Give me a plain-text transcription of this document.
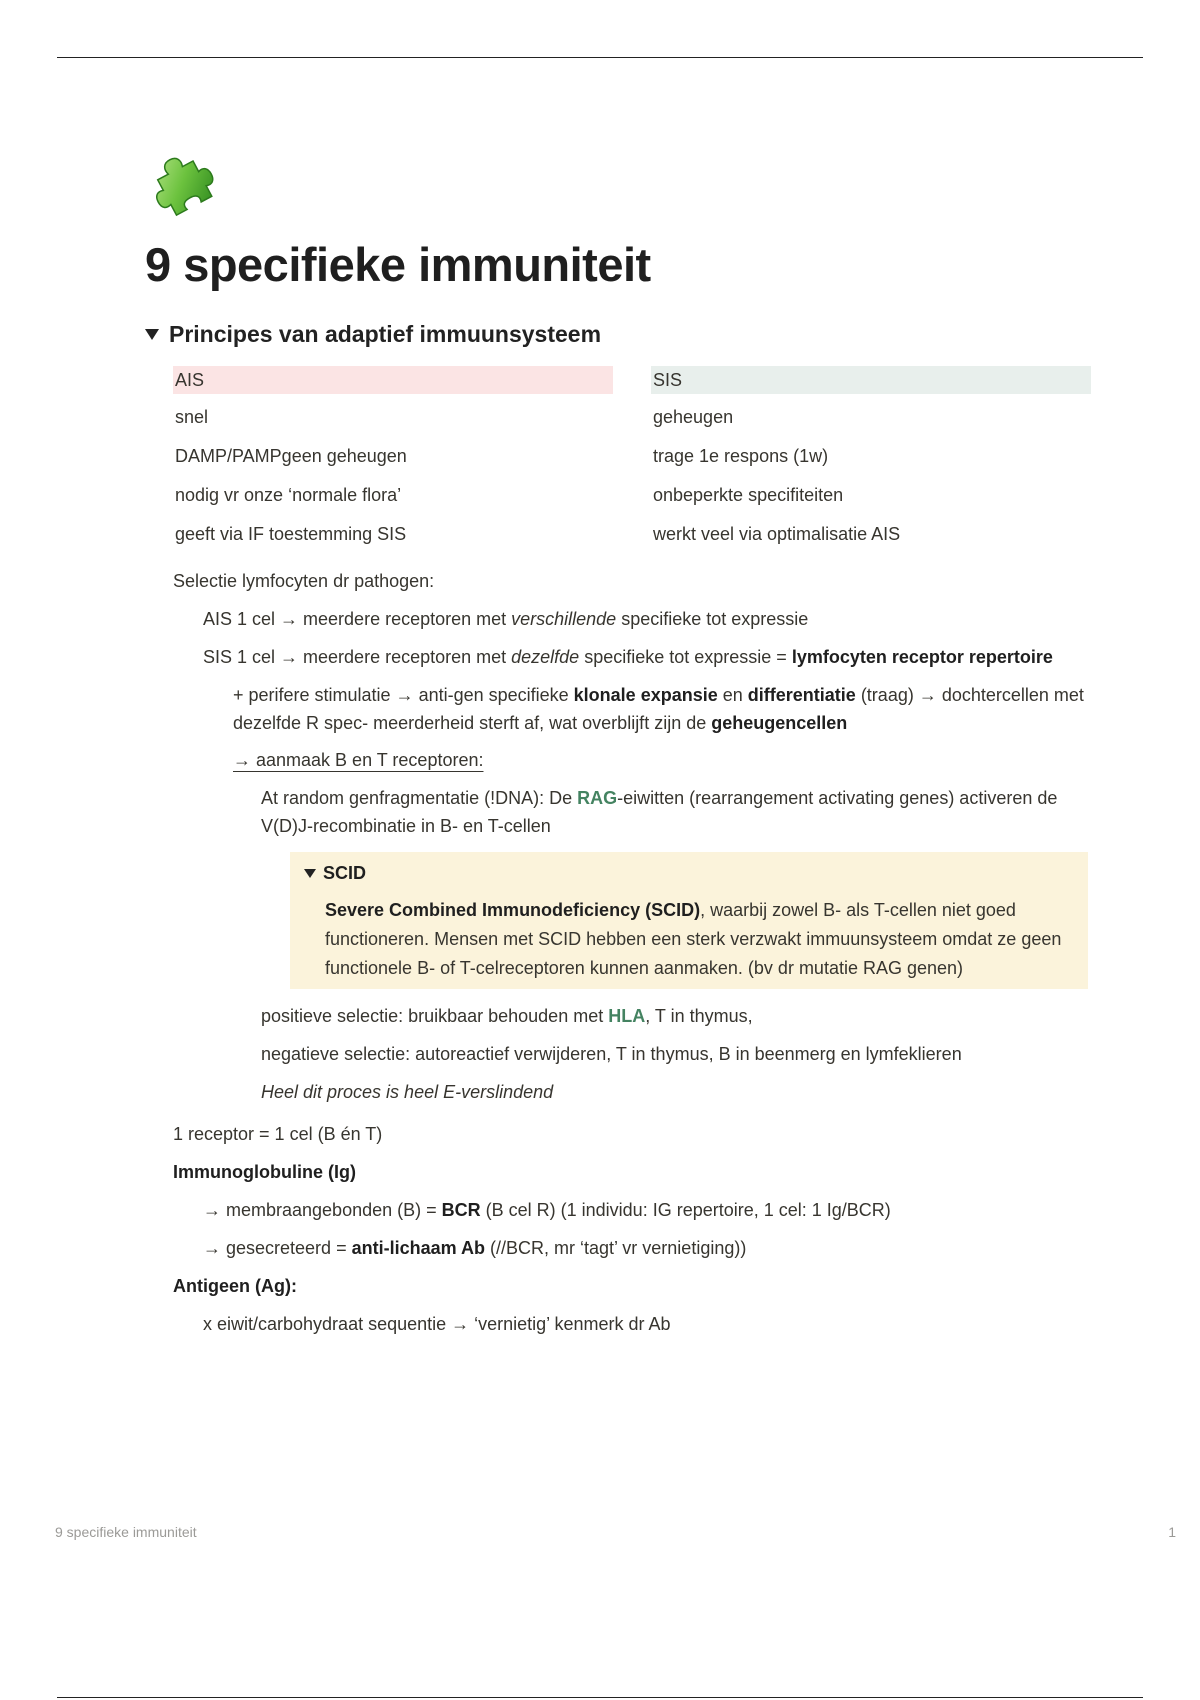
9 specifieke immuniteit
Principes van adaptief immuunsysteem
AIS
snel
DAMP/PAMPgeen geheugen
nodig vr onze ‘normale flora’
geeft via IF toestemming SIS
SIS
geheugen
trage 1e respons (1w)
onbeperkte specifiteiten
werkt veel via optimalisatie AIS
Selectie lymfocyten dr pathogen:
AIS 1 cel → meerdere receptoren met verschillende specifieke tot expressie
SIS 1 cel → meerdere receptoren met dezelfde specifieke tot expressie = lymfocyten receptor repertoire
+ perifere stimulatie → anti-gen specifieke klonale expansie en differentiatie (traag) → dochtercellen met dezelfde R spec- meerderheid sterft af, wat overblijft zijn de geheugencellen
→ aanmaak B en T receptoren:
At random genfragmentatie (!DNA): De RAG-eiwitten (rearrangement activating genes) activeren de V(D)J-recombinatie in B- en T-cellen
SCID
Severe Combined Immunodeficiency (SCID), waarbij zowel B- als T-cellen niet goed functioneren. Mensen met SCID hebben een sterk verzwakt immuunsysteem omdat ze geen functionele B- of T-celreceptoren kunnen aanmaken. (bv dr mutatie RAG genen)
positieve selectie: bruikbaar behouden met HLA, T in thymus,
negatieve selectie: autoreactief verwijderen, T in thymus, B in beenmerg en lymfeklieren
Heel dit proces is heel E-verslindend
1 receptor = 1 cel (B én T)
Immunoglobuline (Ig)
→ membraangebonden (B) = BCR (B cel R) (1 individu: IG repertoire, 1 cel: 1 Ig/BCR)
→ gesecreteerd = anti-lichaam Ab (//BCR, mr ‘tagt’ vr vernietiging))
Antigeen (Ag):
x eiwit/carbohydraat sequentie → ‘vernietig’ kenmerk dr Ab
9 specifieke immuniteit	1
